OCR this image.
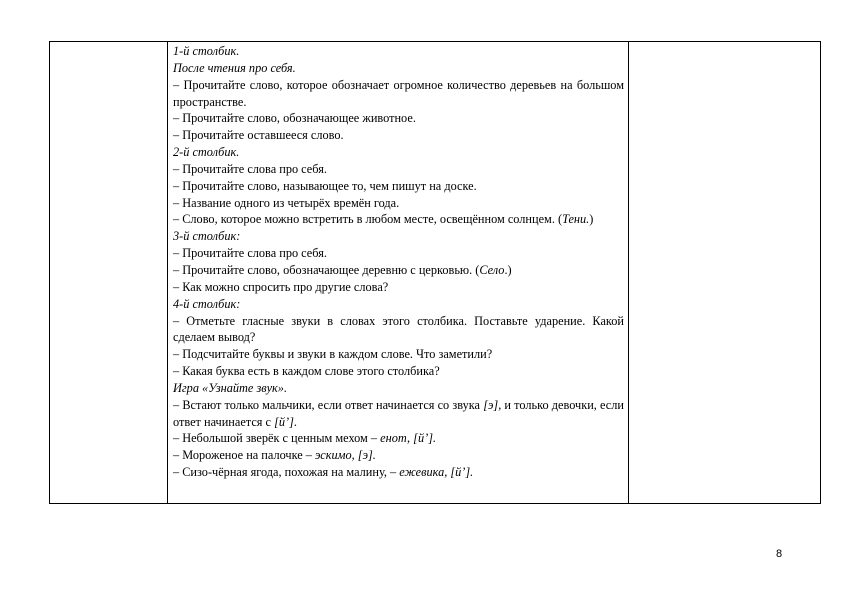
1-й столбик.
После чтения про себя.
– Прочитайте слово, которое обозначает огромное количество деревьев на большом пространстве.
– Прочитайте слово, обозначающее животное.
– Прочитайте оставшееся слово.
2-й столбик.
– Прочитайте слова про себя.
– Прочитайте слово, называющее то, чем пишут на доске.
– Название одного из четырёх времён года.
– Слово, которое можно встретить в любом месте, освещённом солнцем. (Тени.)
3-й столбик:
– Прочитайте слова про себя.
– Прочитайте слово, обозначающее деревню с церковью. (Село.)
– Как можно спросить про другие слова?
4-й столбик:
– Отметьте гласные звуки в словах этого столбика. Поставьте ударение. Какой сделаем вывод?
– Подсчитайте буквы и звуки в каждом слове. Что заметили?
– Какая буква есть в каждом слове этого столбика?
Игра «Узнайте звук».
– Встают только мальчики, если ответ начинается со звука [э], и только девочки, если ответ начинается с [й’].
– Небольшой зверёк с ценным мехом – енот, [й’].
– Мороженое на палочке – эскимо, [э].
– Сизо-чёрная ягода, похожая на малину, – ежевика, [й’].
8
